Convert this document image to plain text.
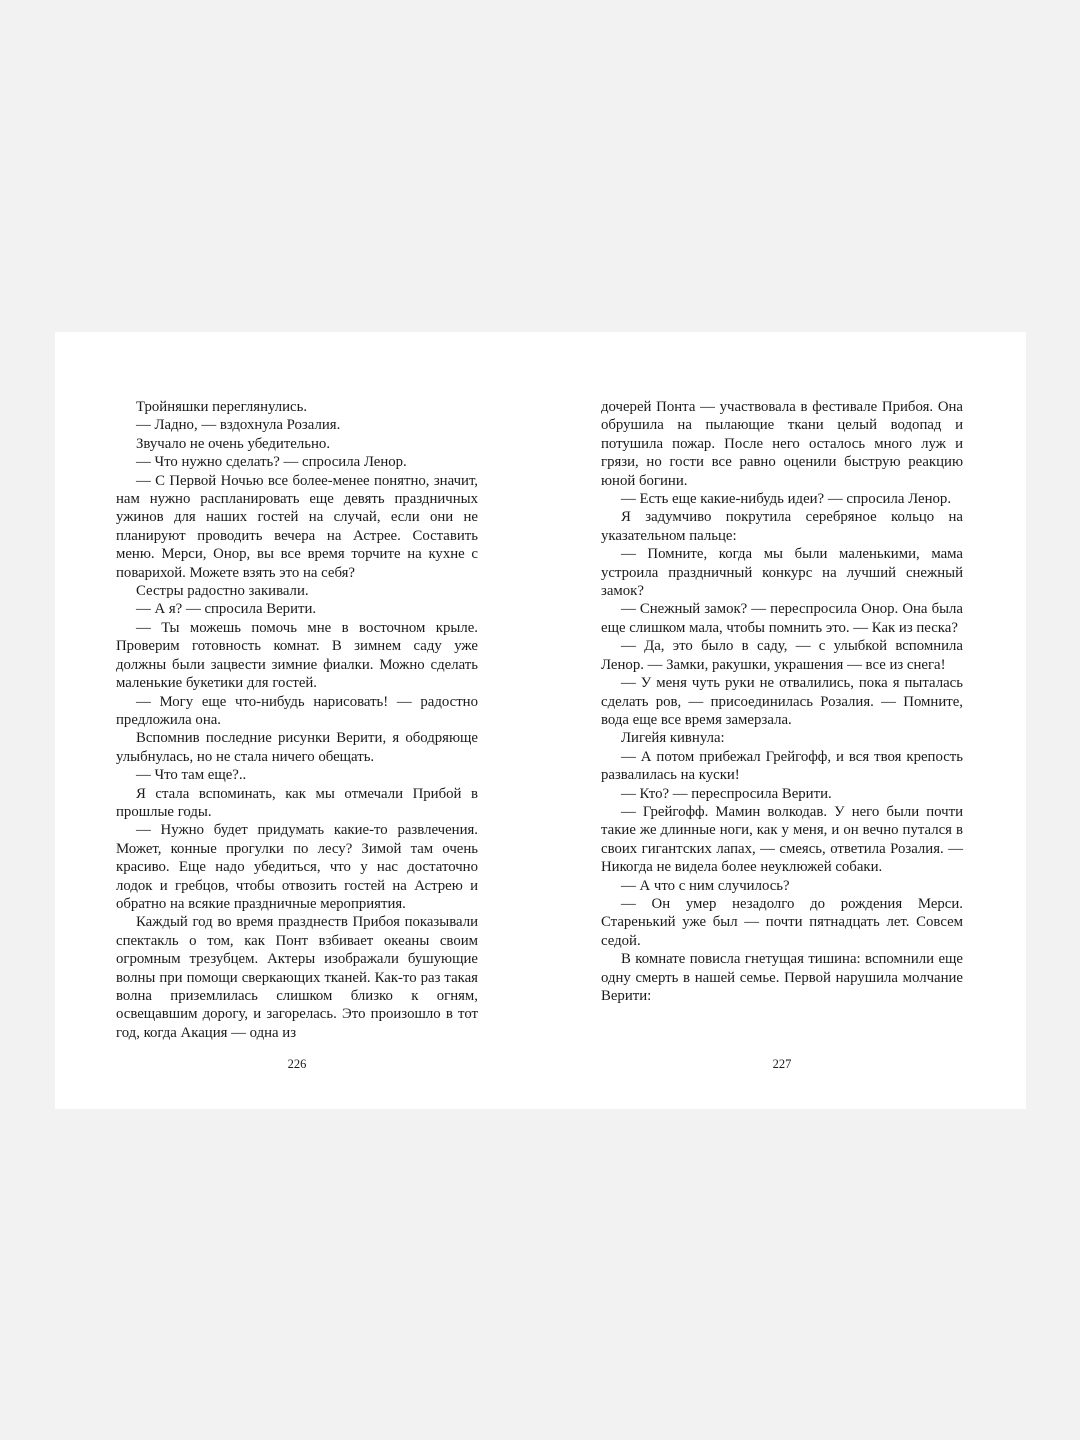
Тройняшки переглянулись.

— Ладно, — вздохнула Розалия.

Звучало не очень убедительно.

— Что нужно сделать? — спросила Ленор.

— С Первой Ночью все более-менее понятно, значит, нам нужно распланировать еще девять праздничных ужинов для наших гостей на случай, если они не планируют проводить вечера на Астрее. Составить меню. Мерси, Онор, вы все время торчите на кухне с поварихой. Можете взять это на себя?

Сестры радостно закивали.

— А я? — спросила Верити.

— Ты можешь помочь мне в восточном крыле. Проверим готовность комнат. В зимнем саду уже должны были зацвести зимние фиалки. Можно сделать маленькие букетики для гостей.

— Могу еще что-нибудь нарисовать! — радостно предложила она.

Вспомнив последние рисунки Верити, я ободряюще улыбнулась, но не стала ничего обещать.

— Что там еще?..

Я стала вспоминать, как мы отмечали Прибой в прошлые годы.

— Нужно будет придумать какие-то развлечения. Может, конные прогулки по лесу? Зимой там очень красиво. Еще надо убедиться, что у нас достаточно лодок и гребцов, чтобы отвозить гостей на Астрею и обратно на всякие праздничные мероприятия.

Каждый год во время празднеств Прибоя показывали спектакль о том, как Понт взбивает океаны своим огромным трезубцем. Актеры изображали бушующие волны при помощи сверкающих тканей. Как-то раз такая волна приземлилась слишком близко к огням, освещавшим дорогу, и загорелась. Это произошло в тот год, когда Акация — одна из

226

дочерей Понта — участвовала в фестивале Прибоя. Она обрушила на пылающие ткани целый водопад и потушила пожар. После него осталось много луж и грязи, но гости все равно оценили быструю реакцию юной богини.

— Есть еще какие-нибудь идеи? — спросила Ленор.

Я задумчиво покрутила серебряное кольцо на указательном пальце:

— Помните, когда мы были маленькими, мама устроила праздничный конкурс на лучший снежный замок?

— Снежный замок? — переспросила Онор. Она была еще слишком мала, чтобы помнить это. — Как из песка?

— Да, это было в саду, — с улыбкой вспомнила Ленор. — Замки, ракушки, украшения — все из снега!

— У меня чуть руки не отвалились, пока я пыталась сделать ров, — присоединилась Розалия. — Помните, вода еще все время замерзала.

Лигейя кивнула:

— А потом прибежал Грейгофф, и вся твоя крепость развалилась на куски!

— Кто? — переспросила Верити.

— Грейгофф. Мамин волкодав. У него были почти такие же длинные ноги, как у меня, и он вечно путался в своих гигантских лапах, — смеясь, ответила Розалия. — Никогда не видела более неуклюжей собаки.

— А что с ним случилось?

— Он умер незадолго до рождения Мерси. Старенький уже был — почти пятнадцать лет. Совсем седой.

В комнате повисла гнетущая тишина: вспомнили еще одну смерть в нашей семье. Первой нарушила молчание Верити:

227
